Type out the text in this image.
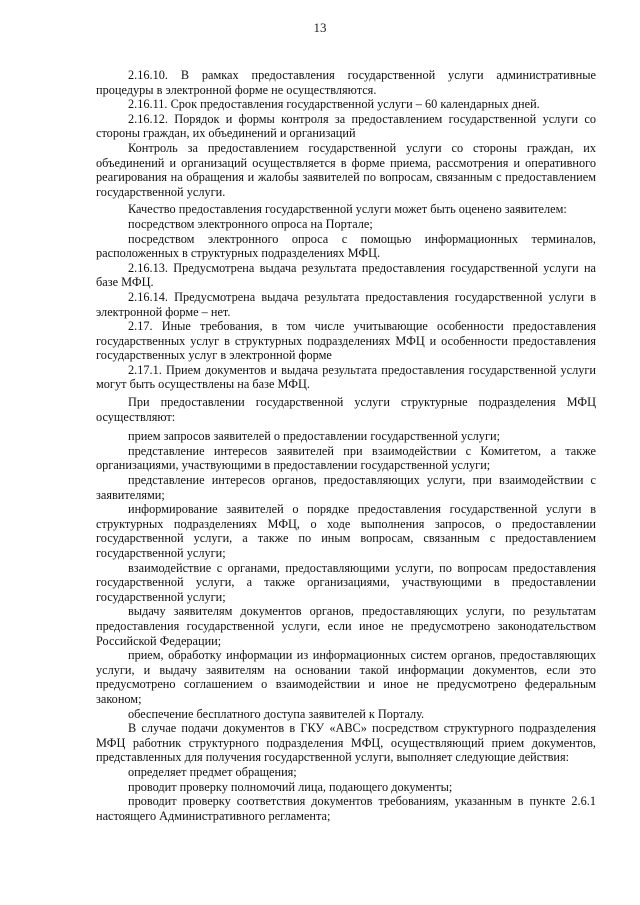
13

2.16.10. В рамках предоставления государственной услуги административные процедуры в электронной форме не осуществляются.

2.16.11. Срок предоставления государственной услуги – 60 календарных дней.

2.16.12. Порядок и формы контроля за предоставлением государственной услуги со стороны граждан, их объединений и организаций

Контроль за предоставлением государственной услуги со стороны граждан, их объединений и организаций осуществляется в форме приема, рассмотрения и оперативного реагирования на обращения и жалобы заявителей по вопросам, связанным с предоставлением государственной услуги.

Качество предоставления государственной услуги может быть оценено заявителем:

посредством электронного опроса на Портале;

посредством электронного опроса с помощью информационных терминалов, расположенных в структурных подразделениях МФЦ.

2.16.13. Предусмотрена выдача результата предоставления государственной услуги на базе МФЦ.

2.16.14. Предусмотрена выдача результата предоставления государственной услуги в электронной форме – нет.

2.17. Иные требования, в том числе учитывающие особенности предоставления государственных услуг в структурных подразделениях МФЦ и особенности предоставления государственных услуг в электронной форме

2.17.1. Прием документов и выдача результата предоставления государственной услуги могут быть осуществлены на базе МФЦ.

При предоставлении государственной услуги структурные подразделения МФЦ осуществляют:

прием запросов заявителей о предоставлении государственной услуги;

представление интересов заявителей при взаимодействии с Комитетом, а также организациями, участвующими в предоставлении государственной услуги;

представление интересов органов, предоставляющих услуги, при взаимодействии с заявителями;

информирование заявителей о порядке предоставления государственной услуги в структурных подразделениях МФЦ, о ходе выполнения запросов, о предоставлении государственной услуги, а также по иным вопросам, связанным с предоставлением государственной услуги;

взаимодействие с органами, предоставляющими услуги, по вопросам предоставления государственной услуги, а также организациями, участвующими в предоставлении государственной услуги;

выдачу заявителям документов органов, предоставляющих услуги, по результатам предоставления государственной услуги, если иное не предусмотрено законодательством Российской Федерации;

прием, обработку информации из информационных систем органов, предоставляющих услуги, и выдачу заявителям на основании такой информации документов, если это предусмотрено соглашением о взаимодействии и иное не предусмотрено федеральным законом;

обеспечение бесплатного доступа заявителей к Порталу.

В случае подачи документов в ГКУ «АВС» посредством структурного подразделения МФЦ работник структурного подразделения МФЦ, осуществляющий прием документов, представленных для получения государственной услуги, выполняет следующие действия:

определяет предмет обращения;

проводит проверку полномочий лица, подающего документы;

проводит проверку соответствия документов требованиям, указанным в пункте 2.6.1 настоящего Административного регламента;
